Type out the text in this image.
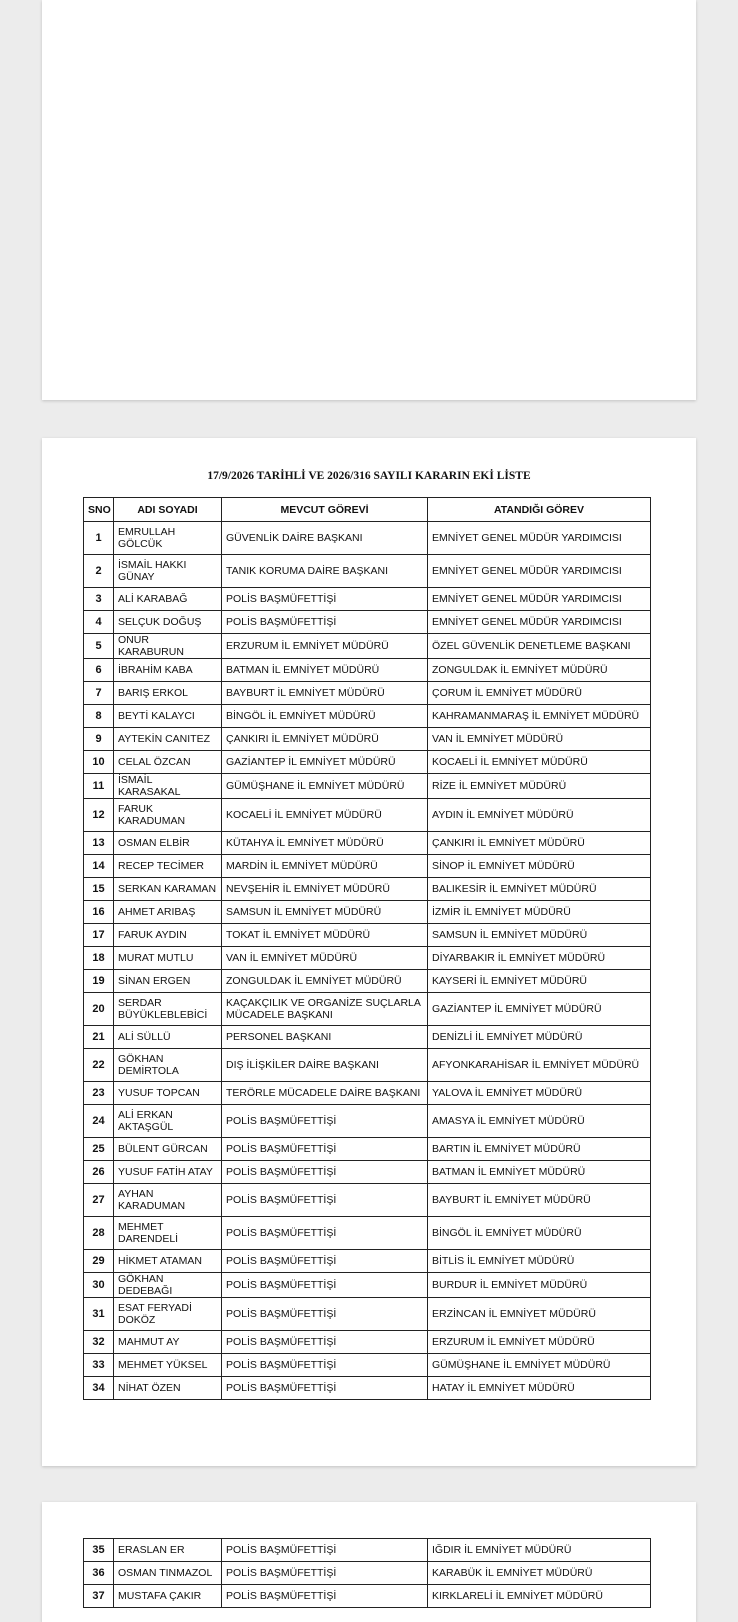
17/9/2026 TARİHLİ VE 2026/316 SAYILI KARARIN EKİ LİSTE
SNO	ADI SOYADI	MEVCUT GÖREVİ	ATANDIĞI GÖREV
1	EMRULLAH GÖLCÜK	GÜVENLİK DAİRE BAŞKANI	EMNİYET GENEL MÜDÜR YARDIMCISI
2	İSMAİL HAKKI GÜNAY	TANIK KORUMA DAİRE BAŞKANI	EMNİYET GENEL MÜDÜR YARDIMCISI
3	ALİ KARABAĞ	POLİS BAŞMÜFETTİŞİ	EMNİYET GENEL MÜDÜR YARDIMCISI
4	SELÇUK DOĞUŞ	POLİS BAŞMÜFETTİŞİ	EMNİYET GENEL MÜDÜR YARDIMCISI
5	ONUR KARABURUN	ERZURUM İL EMNİYET MÜDÜRÜ	ÖZEL GÜVENLİK DENETLEME BAŞKANI
6	İBRAHİM KABA	BATMAN İL EMNİYET MÜDÜRÜ	ZONGULDAK İL EMNİYET MÜDÜRÜ
7	BARIŞ ERKOL	BAYBURT İL EMNİYET MÜDÜRÜ	ÇORUM İL EMNİYET MÜDÜRÜ
8	BEYTİ KALAYCI	BİNGÖL İL EMNİYET MÜDÜRÜ	KAHRAMANMARAŞ İL EMNİYET MÜDÜRÜ
9	AYTEKİN CANITEZ	ÇANKIRI İL EMNİYET MÜDÜRÜ	VAN İL EMNİYET MÜDÜRÜ
10	CELAL ÖZCAN	GAZİANTEP İL EMNİYET MÜDÜRÜ	KOCAELİ İL EMNİYET MÜDÜRÜ
11	İSMAİL KARASAKAL	GÜMÜŞHANE İL EMNİYET MÜDÜRÜ	RİZE İL EMNİYET MÜDÜRÜ
12	FARUK KARADUMAN	KOCAELİ İL EMNİYET MÜDÜRÜ	AYDIN İL EMNİYET MÜDÜRÜ
13	OSMAN ELBİR	KÜTAHYA İL EMNİYET MÜDÜRÜ	ÇANKIRI İL EMNİYET MÜDÜRÜ
14	RECEP TECİMER	MARDİN İL EMNİYET MÜDÜRÜ	SİNOP İL EMNİYET MÜDÜRÜ
15	SERKAN KARAMAN	NEVŞEHİR İL EMNİYET MÜDÜRÜ	BALIKESİR İL EMNİYET MÜDÜRÜ
16	AHMET ARIBAŞ	SAMSUN İL EMNİYET MÜDÜRÜ	İZMİR İL EMNİYET MÜDÜRÜ
17	FARUK AYDIN	TOKAT İL EMNİYET MÜDÜRÜ	SAMSUN İL EMNİYET MÜDÜRÜ
18	MURAT MUTLU	VAN İL EMNİYET MÜDÜRÜ	DİYARBAKIR İL EMNİYET MÜDÜRÜ
19	SİNAN ERGEN	ZONGULDAK İL EMNİYET MÜDÜRÜ	KAYSERİ İL EMNİYET MÜDÜRÜ
20	SERDAR BÜYÜKLEBLEBİCİ	KAÇAKÇILIK VE ORGANİZE SUÇLARLA MÜCADELE BAŞKANI	GAZİANTEP İL EMNİYET MÜDÜRÜ
21	ALİ SÜLLÜ	PERSONEL BAŞKANI	DENİZLİ İL EMNİYET MÜDÜRÜ
22	GÖKHAN DEMİRTOLA	DIŞ İLİŞKİLER DAİRE BAŞKANI	AFYONKARAHİSAR İL EMNİYET MÜDÜRÜ
23	YUSUF TOPCAN	TERÖRLE MÜCADELE DAİRE BAŞKANI	YALOVA İL EMNİYET MÜDÜRÜ
24	ALİ ERKAN AKTAŞGÜL	POLİS BAŞMÜFETTİŞİ	AMASYA İL EMNİYET MÜDÜRÜ
25	BÜLENT GÜRCAN	POLİS BAŞMÜFETTİŞİ	BARTIN İL EMNİYET MÜDÜRÜ
26	YUSUF FATİH ATAY	POLİS BAŞMÜFETTİŞİ	BATMAN İL EMNİYET MÜDÜRÜ
27	AYHAN KARADUMAN	POLİS BAŞMÜFETTİŞİ	BAYBURT İL EMNİYET MÜDÜRÜ
28	MEHMET DARENDELİ	POLİS BAŞMÜFETTİŞİ	BİNGÖL İL EMNİYET MÜDÜRÜ
29	HİKMET ATAMAN	POLİS BAŞMÜFETTİŞİ	BİTLİS İL EMNİYET MÜDÜRÜ
30	GÖKHAN DEDEBAĞI	POLİS BAŞMÜFETTİŞİ	BURDUR İL EMNİYET MÜDÜRÜ
31	ESAT FERYADİ DOKÖZ	POLİS BAŞMÜFETTİŞİ	ERZİNCAN İL EMNİYET MÜDÜRÜ
32	MAHMUT AY	POLİS BAŞMÜFETTİŞİ	ERZURUM İL EMNİYET MÜDÜRÜ
33	MEHMET YÜKSEL	POLİS BAŞMÜFETTİŞİ	GÜMÜŞHANE İL EMNİYET MÜDÜRÜ
34	NİHAT ÖZEN	POLİS BAŞMÜFETTİŞİ	HATAY İL EMNİYET MÜDÜRÜ
35	ERASLAN ER	POLİS BAŞMÜFETTİŞİ	IĞDIR İL EMNİYET MÜDÜRÜ
36	OSMAN TINMAZOL	POLİS BAŞMÜFETTİŞİ	KARABÜK İL EMNİYET MÜDÜRÜ
37	MUSTAFA ÇAKIR	POLİS BAŞMÜFETTİŞİ	KIRKLARELİ İL EMNİYET MÜDÜRÜ
